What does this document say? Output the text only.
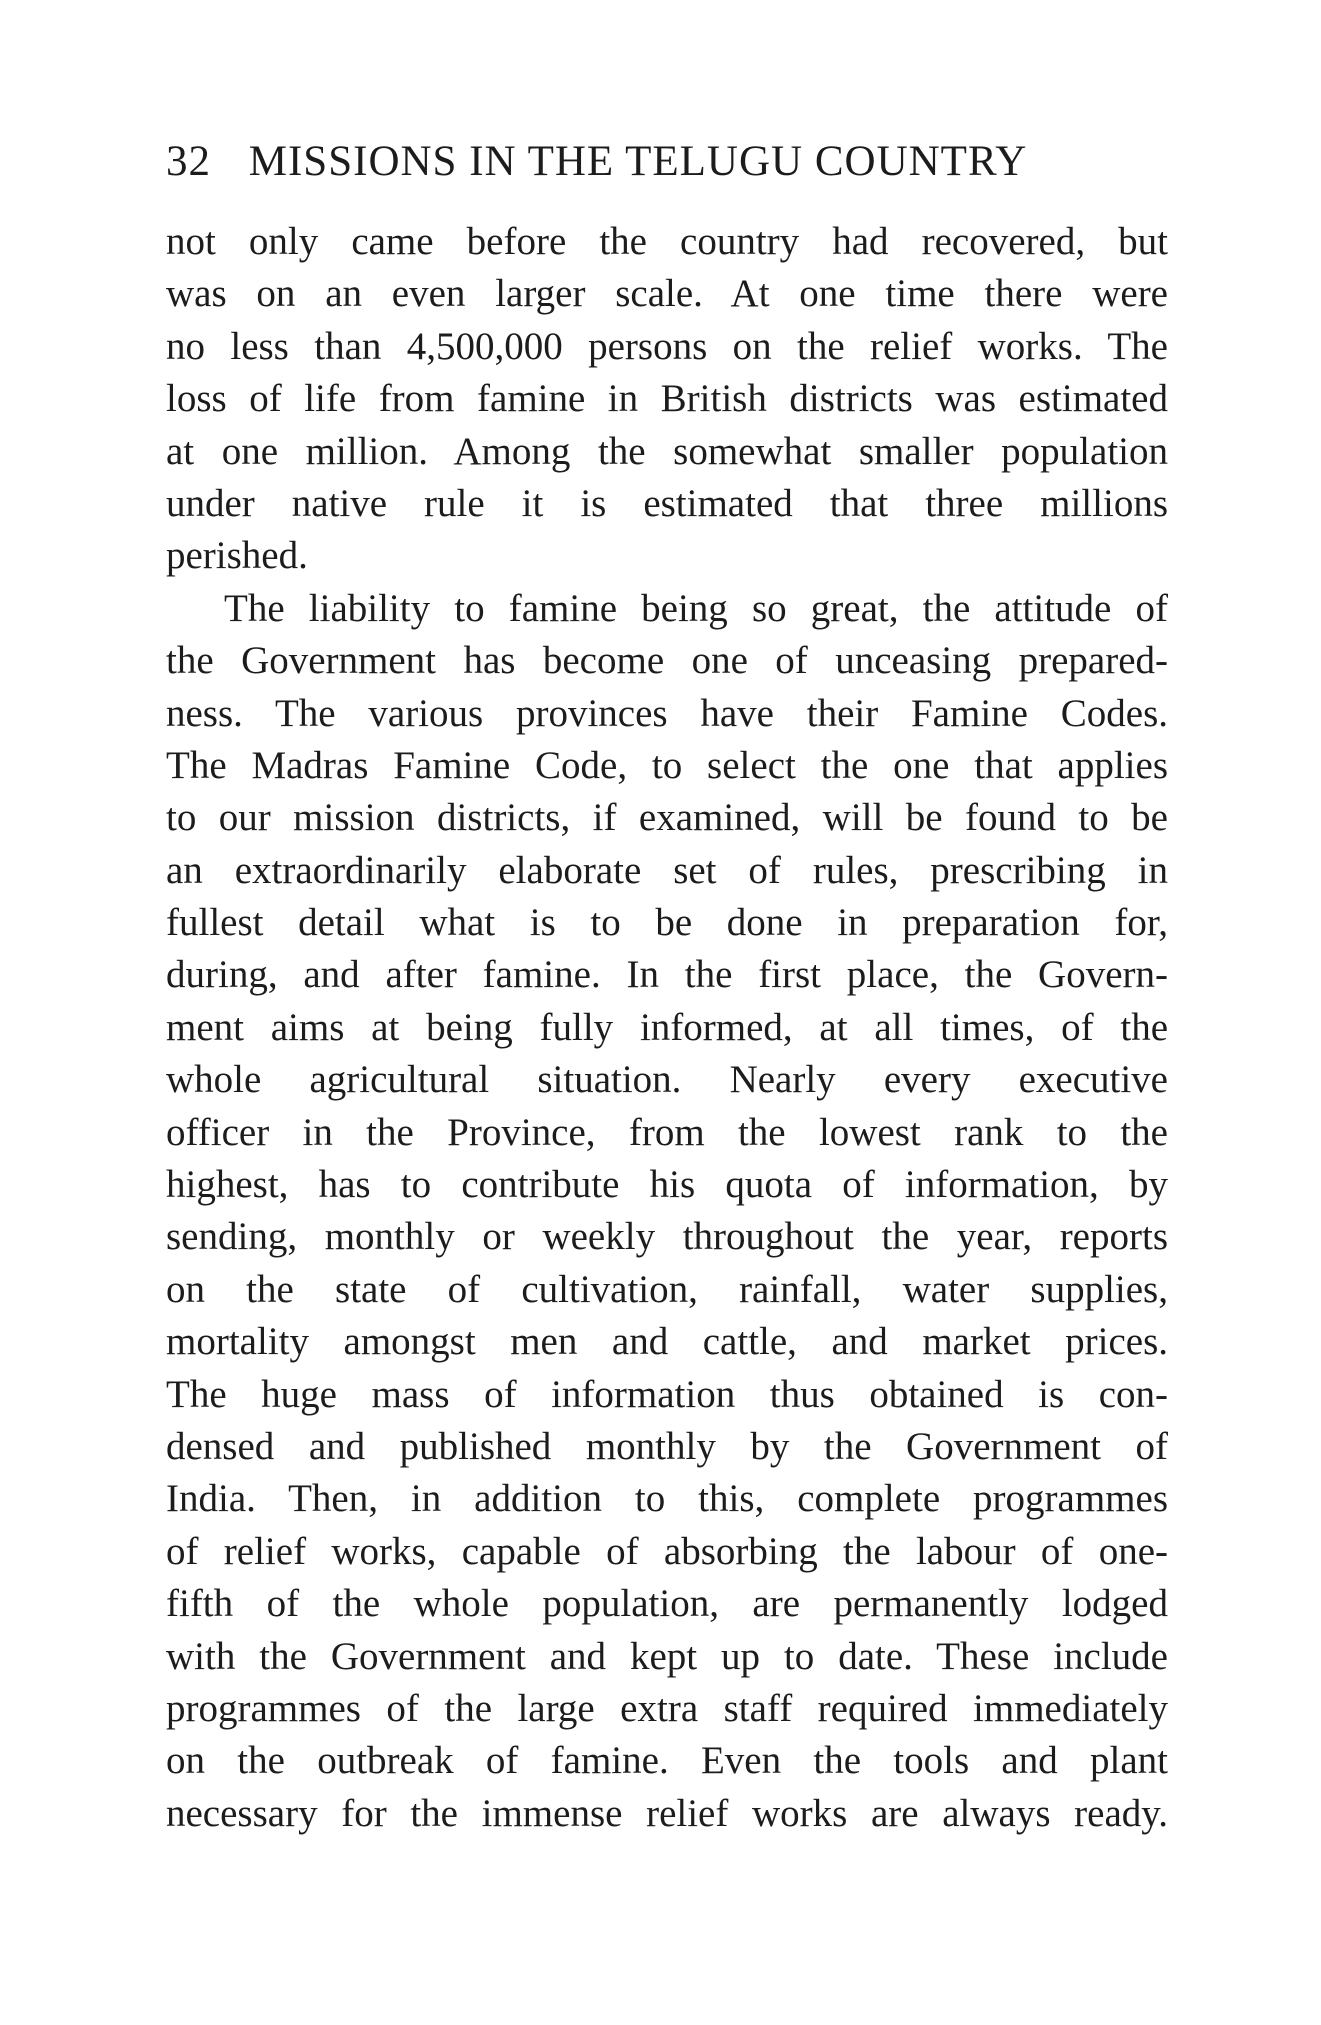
32 MISSIONS IN THE TELUGU COUNTRY
not only came before the country had recovered, but
was on an even larger scale. At one time there were
no less than 4,500,000 persons on the relief works. The
loss of life from famine in British districts was estimated
at one million. Among the somewhat smaller population
under native rule it is estimated that three millions
perished.
The liability to famine being so great, the attitude of
the Government has become one of unceasing prepared-
ness. The various provinces have their Famine Codes.
The Madras Famine Code, to select the one that applies
to our mission districts, if examined, will be found to be
an extraordinarily elaborate set of rules, prescribing in
fullest detail what is to be done in preparation for,
during, and after famine. In the first place, the Govern-
ment aims at being fully informed, at all times, of the
whole agricultural situation. Nearly every executive
officer in the Province, from the lowest rank to the
highest, has to contribute his quota of information, by
sending, monthly or weekly throughout the year, reports
on the state of cultivation, rainfall, water supplies,
mortality amongst men and cattle, and market prices.
The huge mass of information thus obtained is con-
densed and published monthly by the Government of
India. Then, in addition to this, complete programmes
of relief works, capable of absorbing the labour of one-
fifth of the whole population, are permanently lodged
with the Government and kept up to date. These include
programmes of the large extra staff required immediately
on the outbreak of famine. Even the tools and plant
necessary for the immense relief works are always ready.
